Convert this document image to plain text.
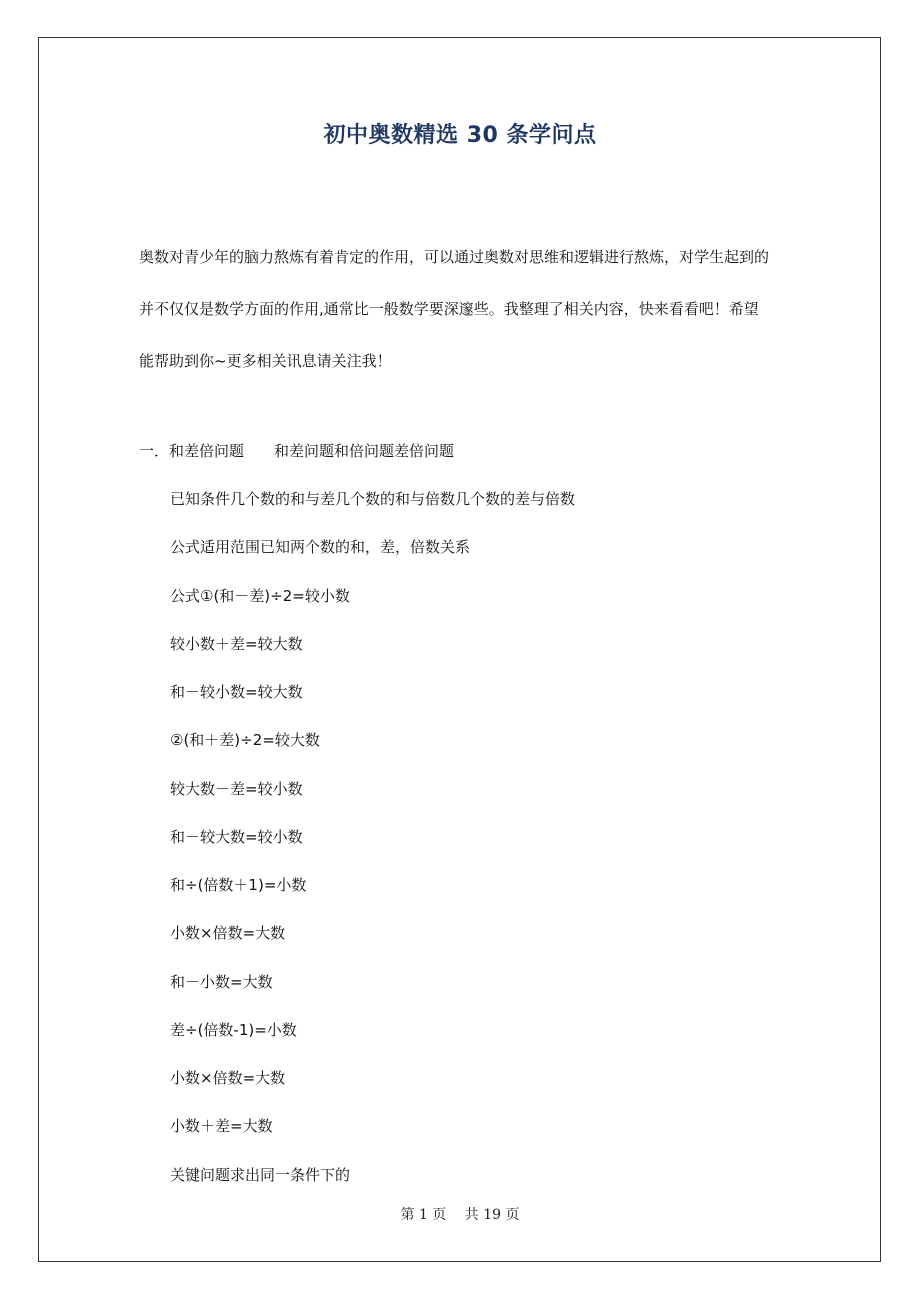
初中奥数精选 30 条学问点

奥数对青少年的脑力熬炼有着肯定的作用，可以通过奥数对思维和逻辑进行熬炼，对学生起到的

并不仅仅是数学方面的作用,通常比一般数学要深邃些。我整理了相关内容，快来看看吧！希望

能帮助到你~更多相关讯息请关注我！

一．和差倍问题　　和差问题和倍问题差倍问题
已知条件几个数的和与差几个数的和与倍数几个数的差与倍数
公式适用范围已知两个数的和，差，倍数关系
公式①(和－差)÷2=较小数
较小数＋差=较大数
和－较小数=较大数
②(和＋差)÷2=较大数
较大数－差=较小数
和－较大数=较小数
和÷(倍数＋1)=小数
小数×倍数=大数
和－小数=大数
差÷(倍数-1)=小数
小数×倍数=大数
小数＋差=大数
关键问题求出同一条件下的
第 1 页　 共 19 页
